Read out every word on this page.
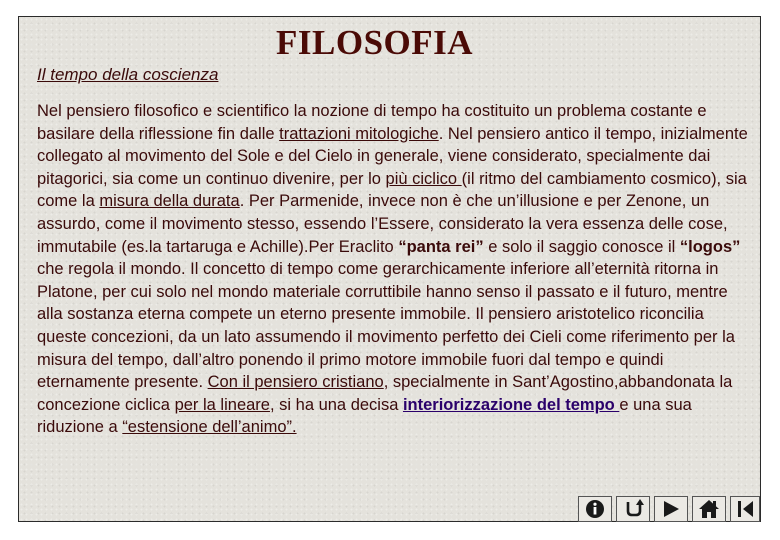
FILOSOFIA
Il tempo della coscienza

Nel pensiero filosofico e scientifico la nozione di tempo ha costituito un problema costante e basilare della riflessione fin dalle trattazioni mitologiche. Nel pensiero antico il tempo, inizialmente collegato al movimento del Sole e del Cielo in generale, viene considerato, specialmente dai pitagorici, sia come un continuo divenire, per lo più ciclico (il ritmo del cambiamento cosmico), sia come la misura della durata. Per Parmenide, invece non è che un’illusione e per Zenone, un assurdo, come il movimento stesso, essendo l’Essere, considerato la vera essenza delle cose, immutabile (es.la tartaruga e Achille).Per Eraclito “panta rei” e solo il saggio conosce il “logos” che regola il mondo. Il concetto di tempo come gerarchicamente inferiore all’eternità ritorna in Platone, per cui solo nel mondo materiale corruttibile hanno senso il passato e il futuro, mentre alla sostanza eterna compete un eterno presente immobile. Il pensiero aristotelico riconcilia queste concezioni, da un lato assumendo il movimento perfetto dei Cieli come riferimento per la misura del tempo, dall’altro ponendo il primo motore immobile fuori dal tempo e quindi eternamente presente. Con il pensiero cristiano, specialmente in Sant’Agostino,abbandonata la concezione ciclica per la lineare, si ha una decisa interiorizzazione del tempo e una sua riduzione a “estensione dell’animo”.
